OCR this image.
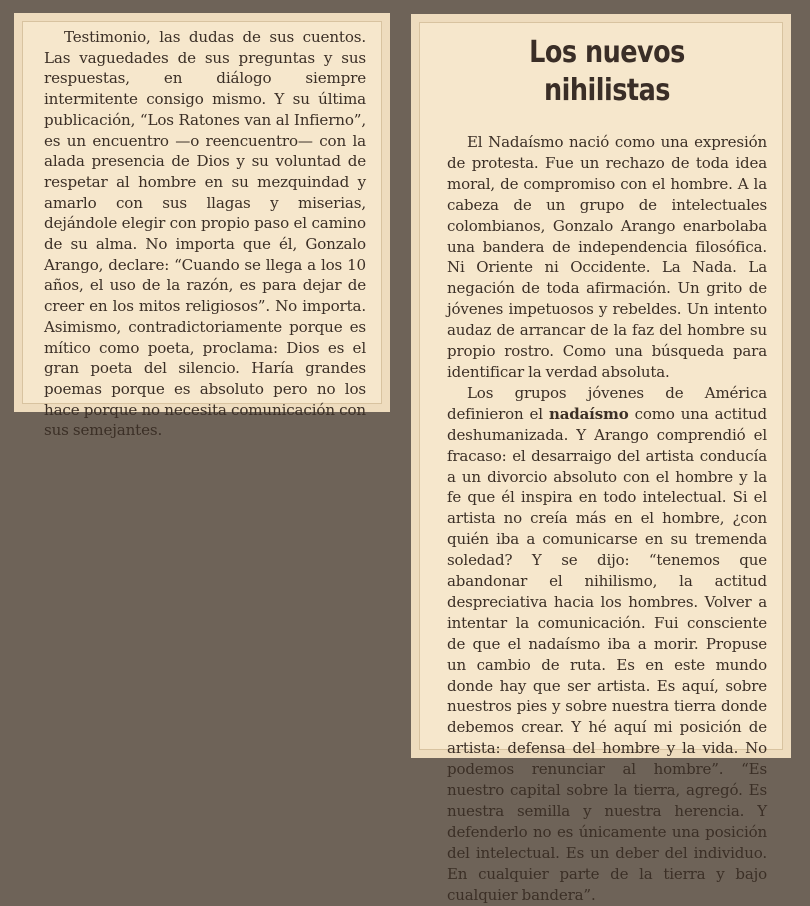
Testimonio, las dudas de sus cuentos. Las vaguedades de sus preguntas y sus respuestas, en diálogo siempre intermitente consigo mismo. Y su última publicación, “Los Ratones van al Infierno”, es un encuentro —o reencuentro— con la alada presencia de Dios y su voluntad de respetar al hombre en su mezquindad y amarlo con sus llagas y miserias, dejándole elegir con propio paso el camino de su alma. No importa que él, Gonzalo Arango, declare: “Cuando se llega a los 10 años, el uso de la razón, es para dejar de creer en los mitos religiosos”. No importa. Asimismo, contradictoriamente porque es mítico como poeta, proclama: Dios es el gran poeta del silencio. Haría grandes poemas porque es absoluto pero no los hace porque no necesita comunicación con sus semejantes.

Los nuevos nihilistas

El Nadaísmo nació como una expresión de protesta. Fue un rechazo de toda idea moral, de compromiso con el hombre. A la cabeza de un grupo de intelectuales colombianos, Gonzalo Arango enarbolaba una bandera de independencia filosófica. Ni Oriente ni Occidente. La Nada. La negación de toda afirmación. Un grito de jóvenes impetuosos y rebeldes. Un intento audaz de arrancar de la faz del hombre su propio rostro. Como una búsqueda para identificar la verdad absoluta.

Los grupos jóvenes de América definieron el nadaísmo como una actitud deshumanizada. Y Arango comprendió el fracaso: el desarraigo del artista conducía a un divorcio absoluto con el hombre y la fe que él inspira en todo intelectual. Si el artista no creía más en el hombre, ¿con quién iba a comunicarse en su tremenda soledad? Y se dijo: “tenemos que abandonar el nihilismo, la actitud despreciativa hacia los hombres. Volver a intentar la comunicación. Fui consciente de que el nadaísmo iba a morir. Propuse un cambio de ruta. Es en este mundo donde hay que ser artista. Es aquí, sobre nuestros pies y sobre nuestra tierra donde debemos crear. Y hé aquí mi posición de artista: defensa del hombre y la vida. No podemos renunciar al hombre”. “Es nuestro capital sobre la tierra, agregó. Es nuestra semilla y nuestra herencia. Y defenderlo no es únicamente una posición del intelectual. Es un deber del individuo. En cualquier parte de la tierra y bajo cualquier bandera”.
